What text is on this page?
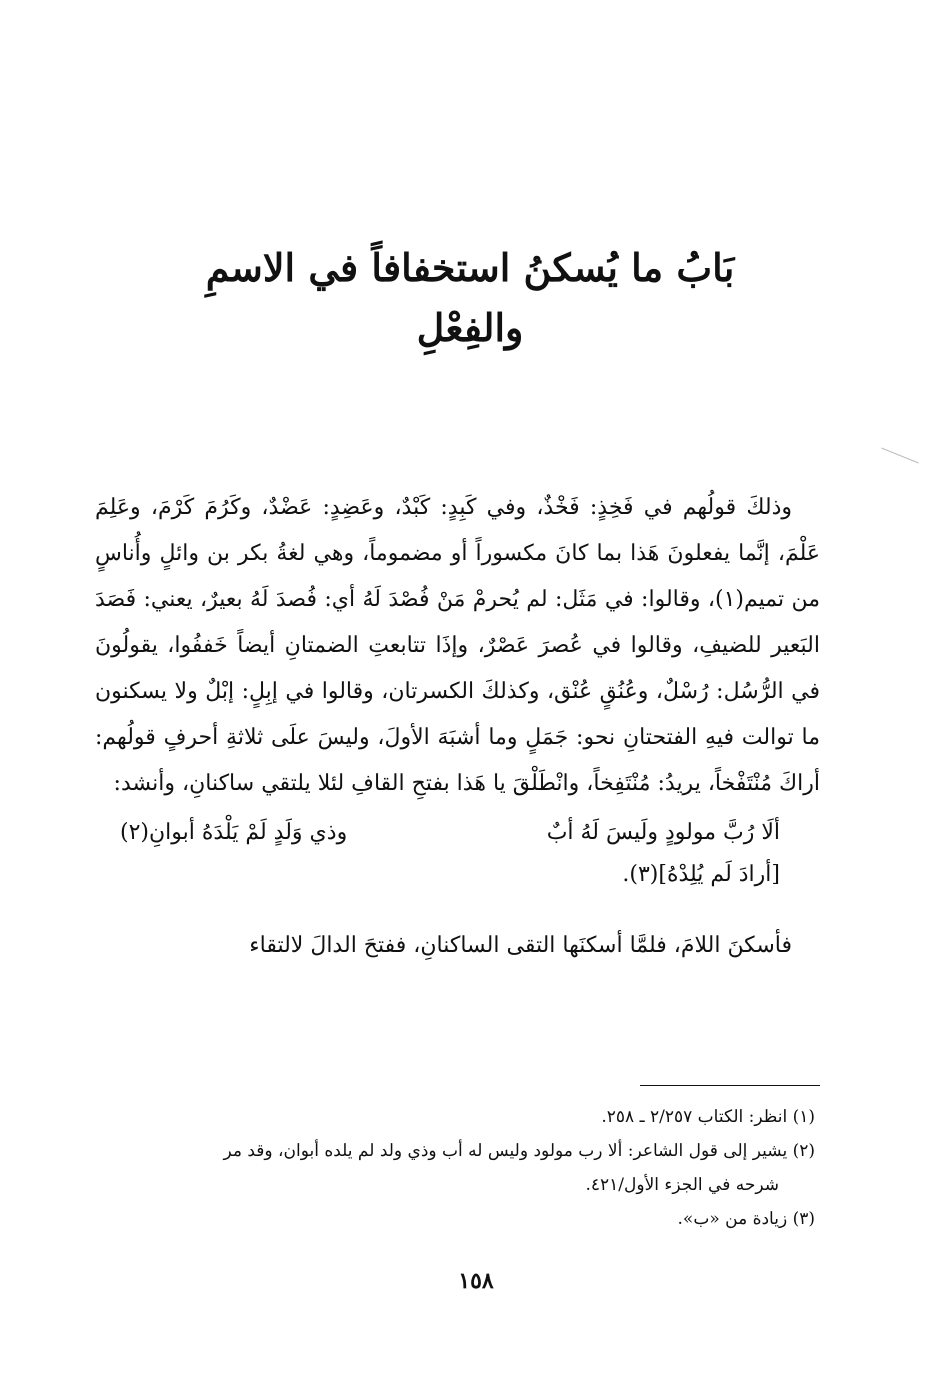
بَابُ ما يُسكنُ استخفافاً في الاسمِ والفِعْلِ

وذلكَ قولُهم في فَخِذٍ: فَخْذٌ، وفي كَبِدٍ: كَبْدٌ، وعَضِدٍ: عَضْدٌ، وكَرُمَ كَرْمَ، وعَلِمَ عَلْمَ، إنَّما يفعلونَ هَذا بما كانَ مكسوراً أو مضموماً، وهي لغةُ بكر بن وائلٍ وأُناسٍ من تميم(١)، وقالوا: في مَثَل: لم يُحرمْ مَنْ فُصْدَ لَهُ أي: فُصدَ لَهُ بعيرٌ، يعني: فَصَدَ البَعير للضيفِ، وقالوا في عُصرَ عَصْرٌ، وإذَا تتابعتِ الضمتانِ أيضاً خَففُوا، يقولُونَ في الرُّسُل: رُسْلٌ، وعُنُقٍ عُنْق، وكذلكَ الكسرتان، وقالوا في إبِلٍ: إبْلٌ ولا يسكنون ما توالت فيهِ الفتحتانِ نحو: جَمَلٍ وما أشبَهَ الأولَ، وليسَ علَى ثلاثةِ أحرفٍ قولُهم: أراكَ مُنْتَفْخاً، يريدُ: مُنْتَفِخاً، وانْطَلْقَ يا هَذا بفتحِ القافِ لئلا يلتقي ساكنانِ، وأنشد:

ألَا رُبَّ مولودٍ ولَيسَ لَهُ أبٌ
وذي وَلَدٍ لَمْ يَلْدَهُ أبوانِ(٢)
[أرادَ لَم يُلِدْهُ](٣).

فأسكنَ اللامَ، فلمَّا أسكنَها التقى الساكنانِ، ففتحَ الدالَ لالتقاء

(١) انظر: الكتاب ٢/٢٥٧ ـ ٢٥٨.

(٢) يشير إلى قول الشاعر: ألا رب مولود وليس له أب وذي ولد لم يلده أبوان، وقد مر

شرحه في الجزء الأول/٤٢١.

(٣) زيادة من «ب».

١٥٨
